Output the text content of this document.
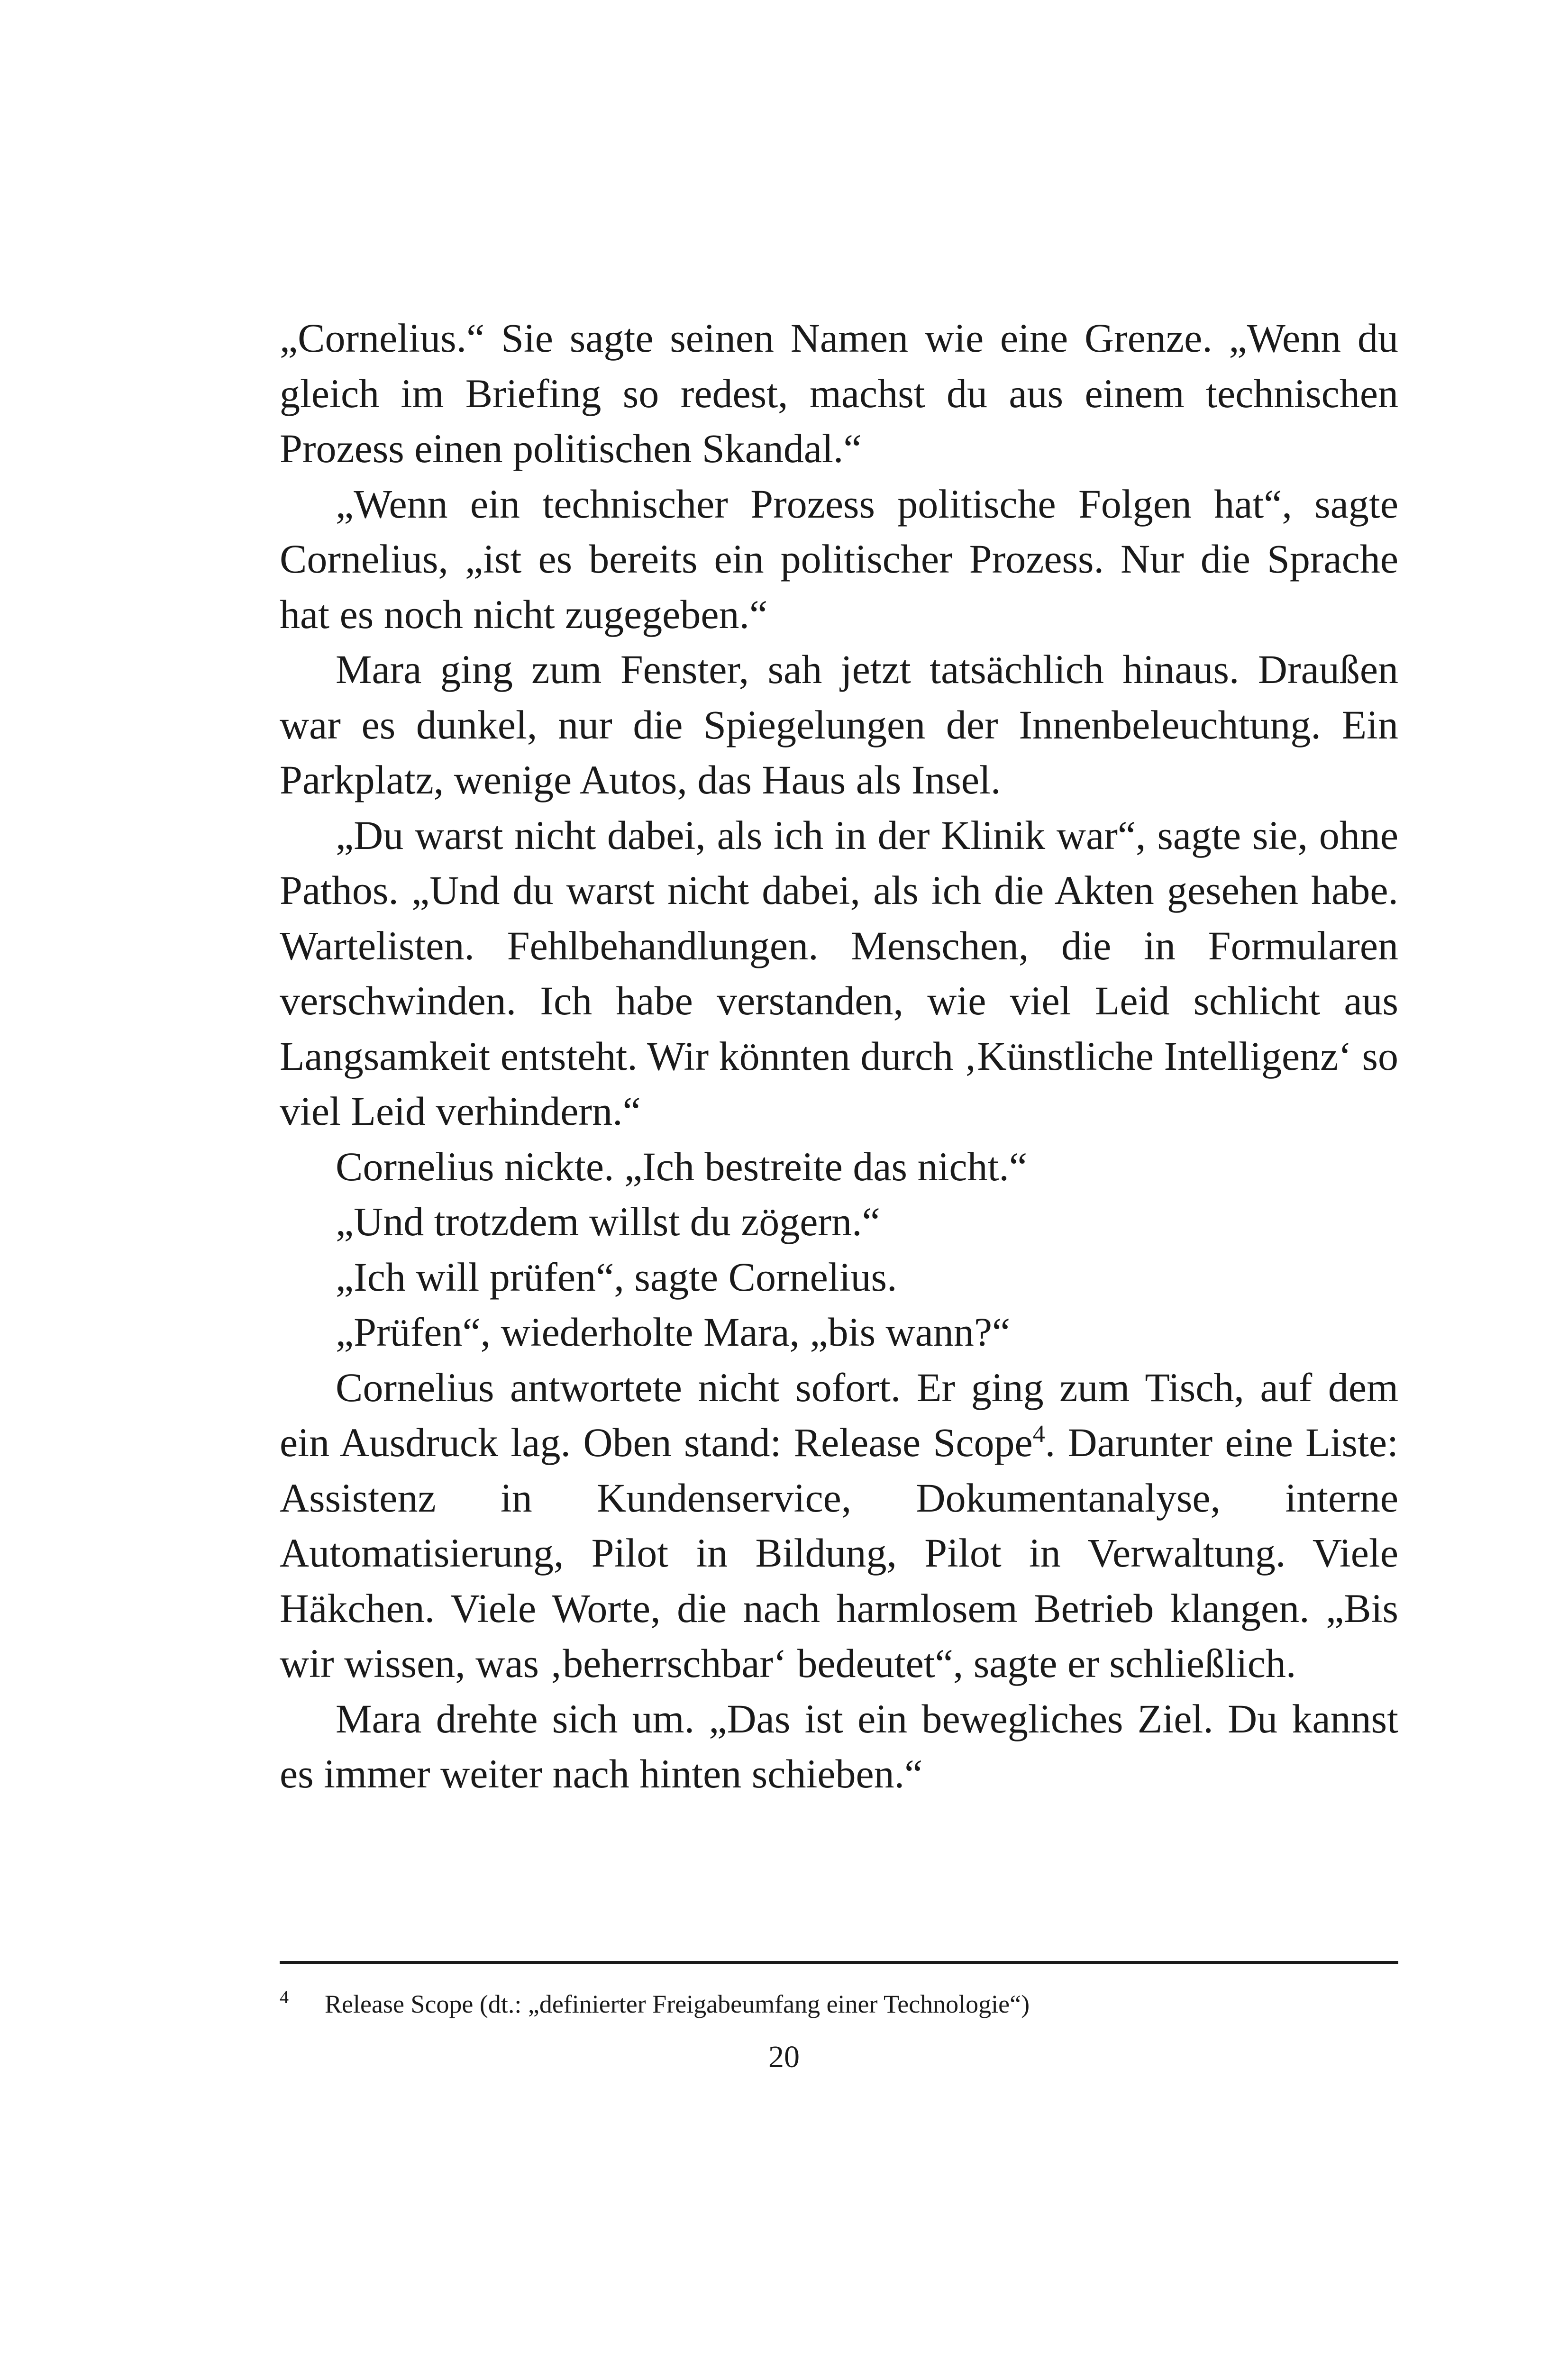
„Cornelius.“ Sie sagte seinen Namen wie eine Grenze. „Wenn du gleich im Briefing so redest, machst du aus einem technischen Prozess einen politischen Skandal.“

„Wenn ein technischer Prozess politische Folgen hat“, sagte Cornelius, „ist es bereits ein politischer Prozess. Nur die Sprache hat es noch nicht zugegeben.“

Mara ging zum Fenster, sah jetzt tatsächlich hinaus. Draußen war es dunkel, nur die Spiegelungen der Innenbeleuchtung. Ein Parkplatz, wenige Autos, das Haus als Insel.

„Du warst nicht dabei, als ich in der Klinik war“, sagte sie, ohne Pathos. „Und du warst nicht dabei, als ich die Akten gesehen habe. Wartelisten. Fehlbehandlungen. Menschen, die in Formularen verschwinden. Ich habe verstanden, wie viel Leid schlicht aus Langsamkeit entsteht. Wir könnten durch ‚Künstliche Intelligenz‘ so viel Leid verhindern.“

Cornelius nickte. „Ich bestreite das nicht.“

„Und trotzdem willst du zögern.“

„Ich will prüfen“, sagte Cornelius.

„Prüfen“, wiederholte Mara, „bis wann?“

Cornelius antwortete nicht sofort. Er ging zum Tisch, auf dem ein Ausdruck lag. Oben stand: Release Scope$^4$. Darunter eine Liste: Assistenz in Kundenservice, Dokumentanalyse, interne Automatisierung, Pilot in Bildung, Pilot in Verwaltung. Viele Häkchen. Viele Worte, die nach harmlosem Betrieb klangen. „Bis wir wissen, was ‚beherrschbar‘ bedeutet“, sagte er schließlich.

Mara drehte sich um. „Das ist ein bewegliches Ziel. Du kannst es immer weiter nach hinten schieben.“

4 Release Scope (dt.: „definierter Freigabeumfang einer Technologie“)
20
